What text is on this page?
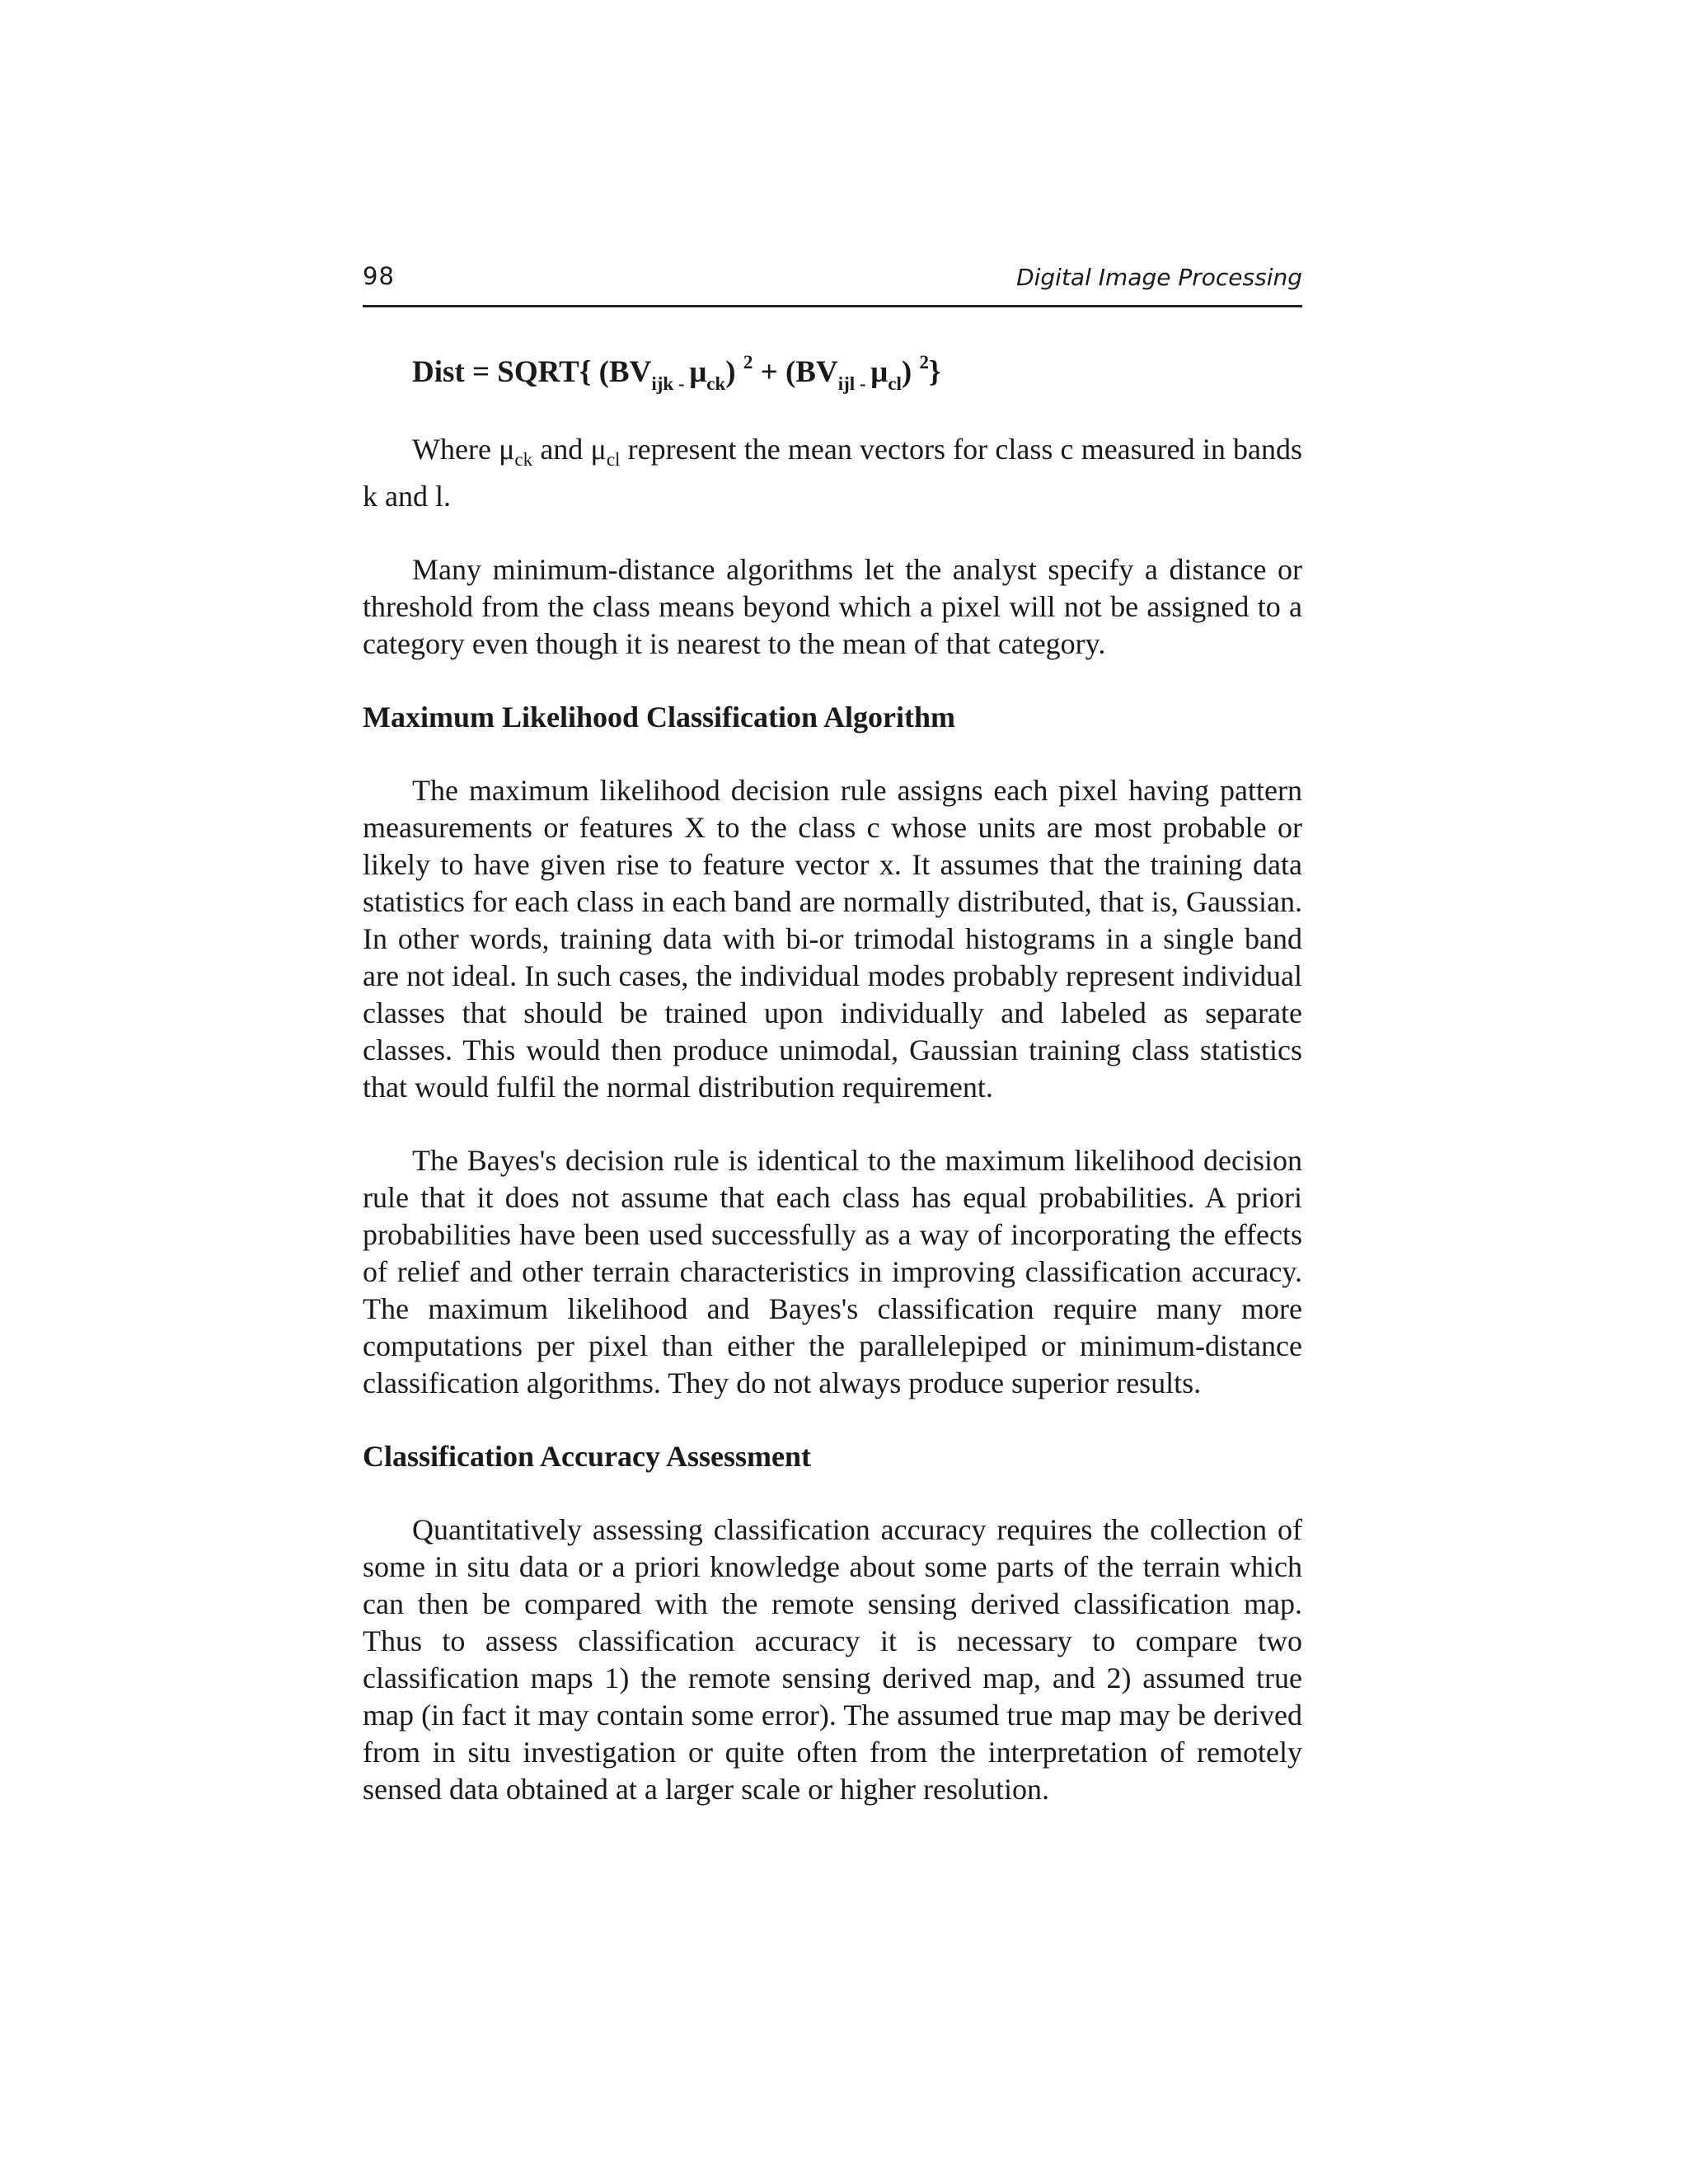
98	Digital Image Processing
Dist = SQRT{ ($BV_{ijk -}$ $\mu_{ck}$) $^2 + (BV_{ijl -}$ $\mu_{cl}$) $^2$}

Where $\mu_{ck}$ and $\mu_{cl}$ represent the mean vectors for class c measured in bands k and l.

Many minimum-distance algorithms let the analyst specify a distance or threshold from the class means beyond which a pixel will not be assigned to a category even though it is nearest to the mean of that category.

Maximum Likelihood Classification Algorithm

The maximum likelihood decision rule assigns each pixel having pattern measurements or features X to the class c whose units are most probable or likely to have given rise to feature vector x. It assumes that the training data statistics for each class in each band are normally distributed, that is, Gaussian. In other words, training data with bi-or trimodal histograms in a single band are not ideal. In such cases, the individual modes probably represent individual classes that should be trained upon individually and labeled as separate classes. This would then produce unimodal, Gaussian training class statistics that would fulfil the normal distribution requirement.

The Bayes's decision rule is identical to the maximum likelihood decision rule that it does not assume that each class has equal probabilities. A priori probabilities have been used successfully as a way of incorporating the effects of relief and other terrain characteristics in improving classification accuracy. The maximum likelihood and Bayes's classification require many more computations per pixel than either the parallelepiped or minimum-distance classification algorithms. They do not always produce superior results.

Classification Accuracy Assessment

Quantitatively assessing classification accuracy requires the collection of some in situ data or a priori knowledge about some parts of the terrain which can then be compared with the remote sensing derived classification map. Thus to assess classification accuracy it is necessary to compare two classification maps 1) the remote sensing derived map, and 2) assumed true map (in fact it may contain some error). The assumed true map may be derived from in situ investigation or quite often from the interpretation of remotely sensed data obtained at a larger scale or higher resolution.
